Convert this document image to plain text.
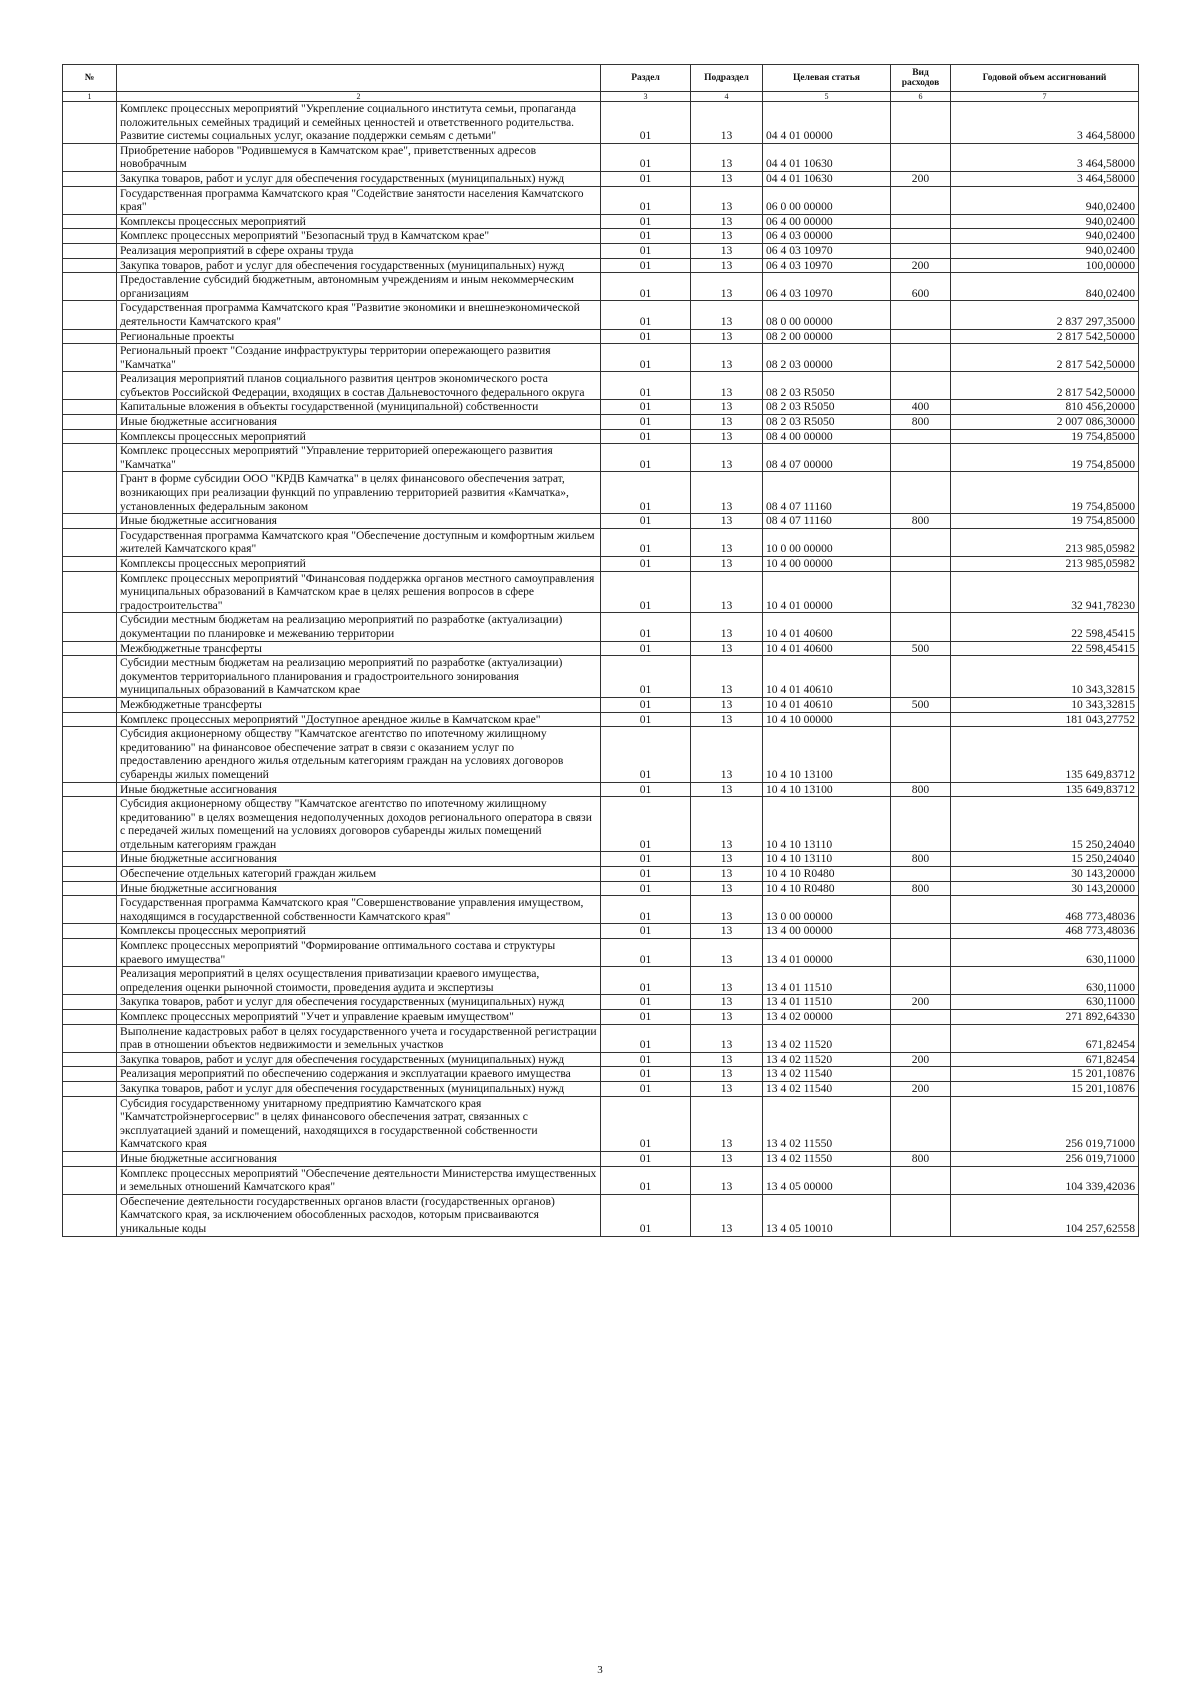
№		Раздел	Подраздел	Целевая статья	Вид расходов	Годовой объем ассигнований
1	2	3	4	5	6	7
	Комплекс процессных мероприятий "Укрепление социального института семьи, пропаганда положительных семейных традиций и семейных ценностей и ответственного родительства. Развитие системы социальных услуг, оказание поддержки семьям с детьми"	01	13	04 4 01 00000		3 464,58000
	Приобретение наборов "Родившемуся в Камчатском крае", приветственных адресов новобрачным	01	13	04 4 01 10630		3 464,58000
	Закупка товаров, работ и услуг для обеспечения государственных (муниципальных) нужд	01	13	04 4 01 10630	200	3 464,58000
	Государственная программа Камчатского края "Содействие занятости населения Камчатского края"	01	13	06 0 00 00000		940,02400
	Комплексы процессных мероприятий	01	13	06 4 00 00000		940,02400
	Комплекс процессных мероприятий "Безопасный труд в Камчатском крае"	01	13	06 4 03 00000		940,02400
	Реализация мероприятий в сфере охраны труда	01	13	06 4 03 10970		940,02400
	Закупка товаров, работ и услуг для обеспечения государственных (муниципальных) нужд	01	13	06 4 03 10970	200	100,00000
	Предоставление субсидий бюджетным, автономным учреждениям и иным некоммерческим организациям	01	13	06 4 03 10970	600	840,02400
	Государственная программа Камчатского края "Развитие экономики и внешнеэкономической деятельности Камчатского края"	01	13	08 0 00 00000		2 837 297,35000
	Региональные проекты	01	13	08 2 00 00000		2 817 542,50000
	Региональный проект "Создание инфраструктуры территории опережающего развития "Камчатка"	01	13	08 2 03 00000		2 817 542,50000
	Реализация мероприятий планов социального развития центров экономического роста субъектов Российской Федерации, входящих в состав Дальневосточного федерального округа	01	13	08 2 03 R5050		2 817 542,50000
	Капитальные вложения в объекты государственной (муниципальной) собственности	01	13	08 2 03 R5050	400	810 456,20000
	Иные бюджетные ассигнования	01	13	08 2 03 R5050	800	2 007 086,30000
	Комплексы процессных мероприятий	01	13	08 4 00 00000		19 754,85000
	Комплекс процессных мероприятий "Управление территорией опережающего развития "Камчатка"	01	13	08 4 07 00000		19 754,85000
	Грант в форме субсидии ООО "КРДВ Камчатка" в целях финансового обеспечения затрат, возникающих при реализации функций по управлению территорией развития «Камчатка», установленных федеральным законом	01	13	08 4 07 11160		19 754,85000
	Иные бюджетные ассигнования	01	13	08 4 07 11160	800	19 754,85000
	Государственная программа Камчатского края "Обеспечение доступным и комфортным жильем жителей Камчатского края"	01	13	10 0 00 00000		213 985,05982
	Комплексы процессных мероприятий	01	13	10 4 00 00000		213 985,05982
	Комплекс процессных мероприятий "Финансовая поддержка органов местного самоуправления муниципальных образований в Камчатском крае в целях решения вопросов в сфере градостроительства"	01	13	10 4 01 00000		32 941,78230
	Субсидии местным бюджетам на реализацию мероприятий по разработке (актуализации) документации по планировке и межеванию территории	01	13	10 4 01 40600		22 598,45415
	Межбюджетные трансферты	01	13	10 4 01 40600	500	22 598,45415
	Субсидии местным бюджетам на реализацию мероприятий по разработке (актуализации) документов территориального планирования и градостроительного зонирования муниципальных образований в Камчатском крае	01	13	10 4 01 40610		10 343,32815
	Межбюджетные трансферты	01	13	10 4 01 40610	500	10 343,32815
	Комплекс процессных мероприятий "Доступное арендное жилье в Камчатском крае"	01	13	10 4 10 00000		181 043,27752
	Субсидия акционерному обществу "Камчатское агентство по ипотечному жилищному кредитованию" на финансовое обеспечение затрат в связи с оказанием услуг по предоставлению арендного жилья отдельным категориям граждан на условиях договоров субаренды жилых помещений	01	13	10 4 10 13100		135 649,83712
	Иные бюджетные ассигнования	01	13	10 4 10 13100	800	135 649,83712
	Субсидия акционерному обществу "Камчатское агентство по ипотечному жилищному кредитованию" в целях возмещения недополученных доходов регионального оператора в связи с передачей жилых помещений на условиях договоров субаренды жилых помещений отдельным категориям граждан	01	13	10 4 10 13110		15 250,24040
	Иные бюджетные ассигнования	01	13	10 4 10 13110	800	15 250,24040
	Обеспечение отдельных категорий граждан жильем	01	13	10 4 10 R0480		30 143,20000
	Иные бюджетные ассигнования	01	13	10 4 10 R0480	800	30 143,20000
	Государственная программа Камчатского края "Совершенствование управления имуществом, находящимся в государственной собственности Камчатского края"	01	13	13 0 00 00000		468 773,48036
	Комплексы процессных мероприятий	01	13	13 4 00 00000		468 773,48036
	Комплекс процессных мероприятий "Формирование оптимального состава и структуры краевого имущества"	01	13	13 4 01 00000		630,11000
	Реализация мероприятий в целях осуществления приватизации краевого имущества, определения оценки рыночной стоимости, проведения аудита и экспертизы	01	13	13 4 01 11510		630,11000
	Закупка товаров, работ и услуг для обеспечения государственных (муниципальных) нужд	01	13	13 4 01 11510	200	630,11000
	Комплекс процессных мероприятий "Учет и управление краевым имуществом"	01	13	13 4 02 00000		271 892,64330
	Выполнение кадастровых работ в целях государственного учета и государственной регистрации прав в отношении объектов недвижимости и земельных участков	01	13	13 4 02 11520		671,82454
	Закупка товаров, работ и услуг для обеспечения государственных (муниципальных) нужд	01	13	13 4 02 11520	200	671,82454
	Реализация мероприятий по обеспечению содержания и эксплуатации краевого имущества	01	13	13 4 02 11540		15 201,10876
	Закупка товаров, работ и услуг для обеспечения государственных (муниципальных) нужд	01	13	13 4 02 11540	200	15 201,10876
	Субсидия государственному унитарному предприятию Камчатского края "Камчатстройэнергосервис" в целях финансового обеспечения затрат, связанных с эксплуатацией зданий и помещений, находящихся в государственной собственности Камчатского края	01	13	13 4 02 11550		256 019,71000
	Иные бюджетные ассигнования	01	13	13 4 02 11550	800	256 019,71000
	Комплекс процессных мероприятий "Обеспечение деятельности Министерства имущественных и земельных отношений Камчатского края"	01	13	13 4 05 00000		104 339,42036
	Обеспечение деятельности государственных органов власти (государственных органов) Камчатского края, за исключением обособленных расходов, которым присваиваются уникальные коды	01	13	13 4 05 10010		104 257,62558
3
